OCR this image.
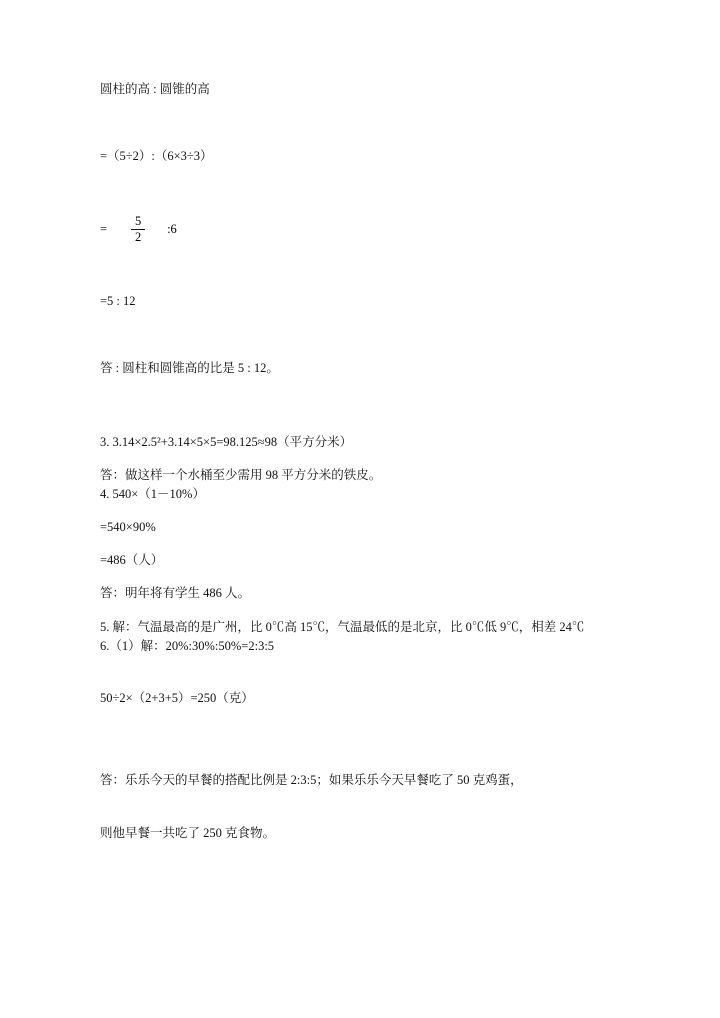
圆柱的高 : 圆锥的高
=（5÷2）:（6×3÷3）
= $\frac{5}{2}$ :6
=5 : 12
答 : 圆柱和圆锥高的比是 5 : 12。
3. 3.14×2.5²+3.14×5×5=98.125≈98（平方分米）
答：做这样一个水桶至少需用 98 平方分米的铁皮。
4. 540×（1－10%）
=540×90%
=486（人）
答：明年将有学生 486 人。
5. 解：气温最高的是广州，比 0℃高 15℃，气温最低的是北京，比 0℃低 9℃，相差 24℃
6.（1）解：20%:30%:50%=2:3:5
50÷2×（2+3+5）=250（克）
答：乐乐今天的早餐的搭配比例是 2:3:5；如果乐乐今天早餐吃了 50 克鸡蛋，
则他早餐一共吃了 250 克食物。
